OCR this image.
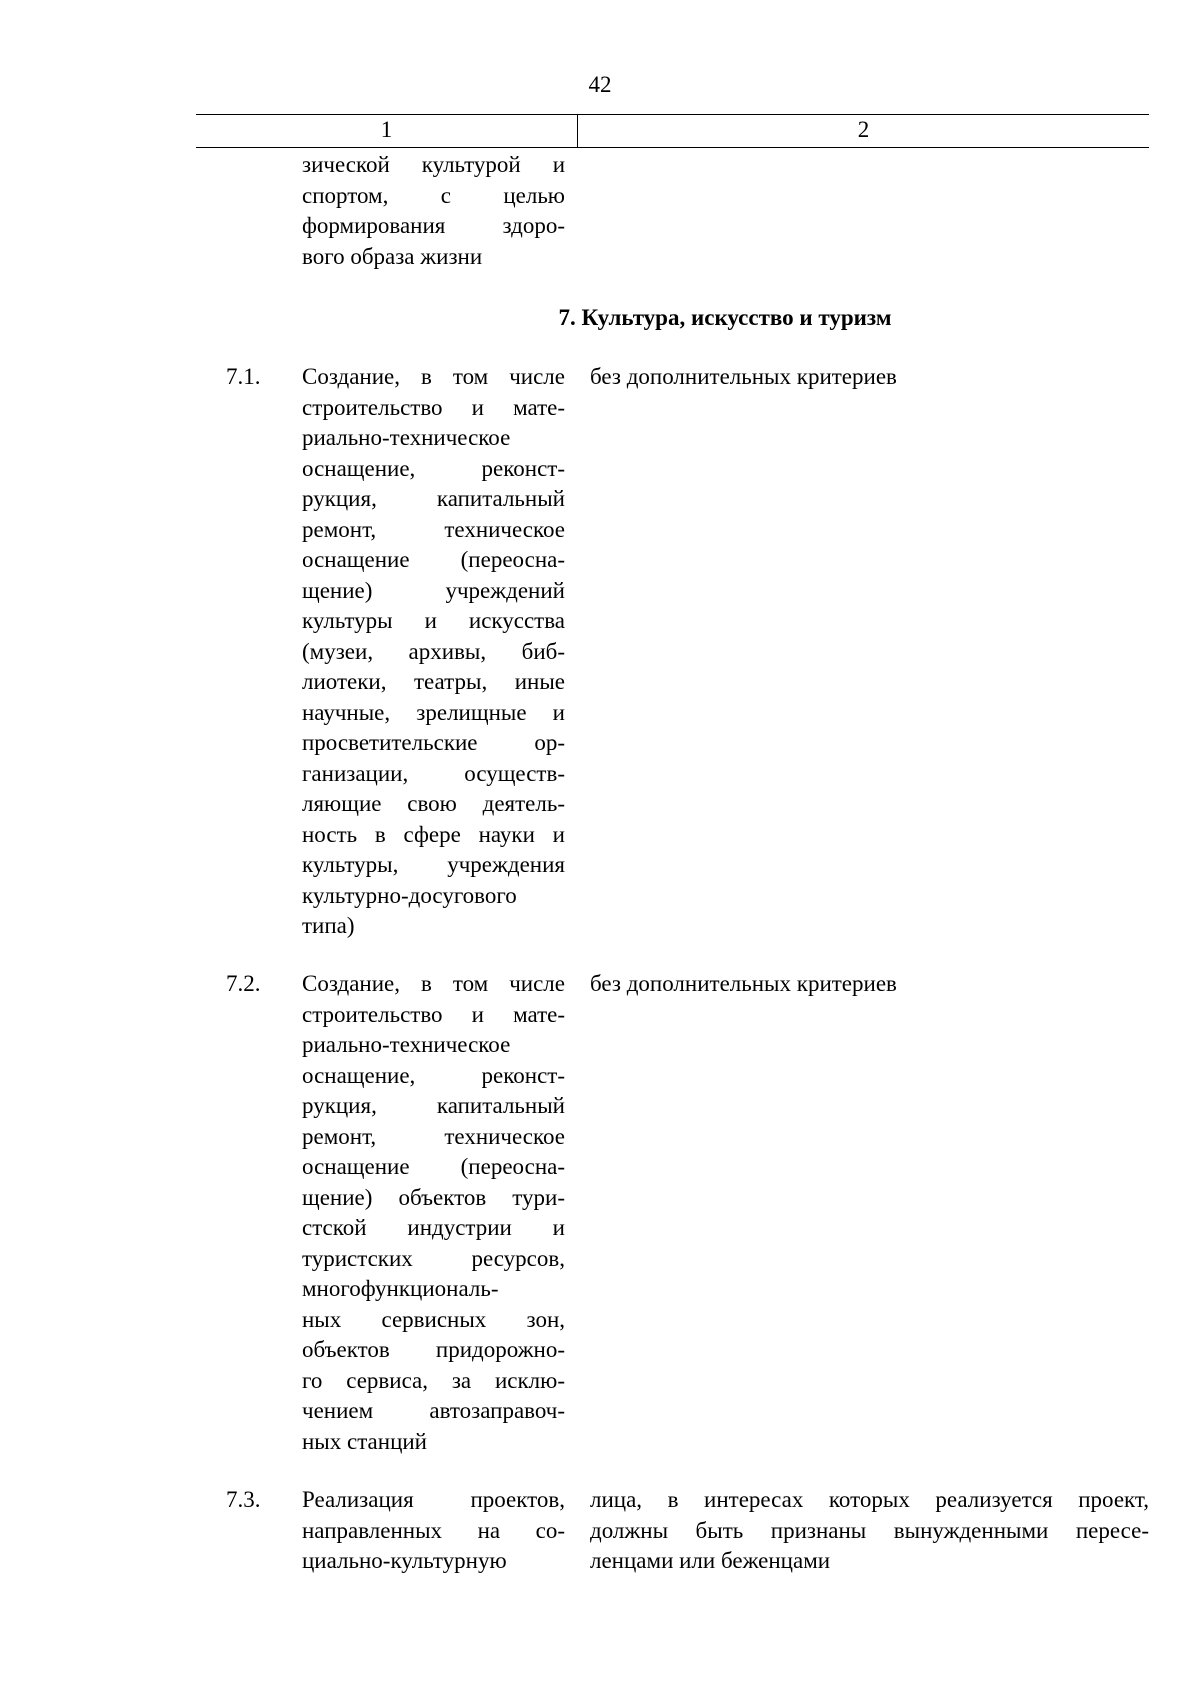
42
1	2
зической культурой и
спортом, с целью
формирования здоро-
вого образа жизни
7. Культура, искусство и туризм
7.1. Создание, в том числе
строительство и мате-
риально-техническое
оснащение, реконст-
рукция, капитальный
ремонт, техническое
оснащение (переосна-
щение) учреждений
культуры и искусства
(музеи, архивы, биб-
лиотеки, театры, иные
научные, зрелищные и
просветительские ор-
ганизации, осуществ-
ляющие свою деятель-
ность в сфере науки и
культуры, учреждения
культурно-досугового
типа)
без дополнительных критериев
7.2. Создание, в том числе
строительство и мате-
риально-техническое
оснащение, реконст-
рукция, капитальный
ремонт, техническое
оснащение (переосна-
щение) объектов тури-
стской индустрии и
туристских ресурсов,
многофункциональ-
ных сервисных зон,
объектов придорожно-
го сервиса, за исклю-
чением автозаправоч-
ных станций
без дополнительных критериев
7.3. Реализация проектов,
направленных на со-
циально-культурную
лица, в интересах которых реализуется проект,
должны быть признаны вынужденными пересе-
ленцами или беженцами
